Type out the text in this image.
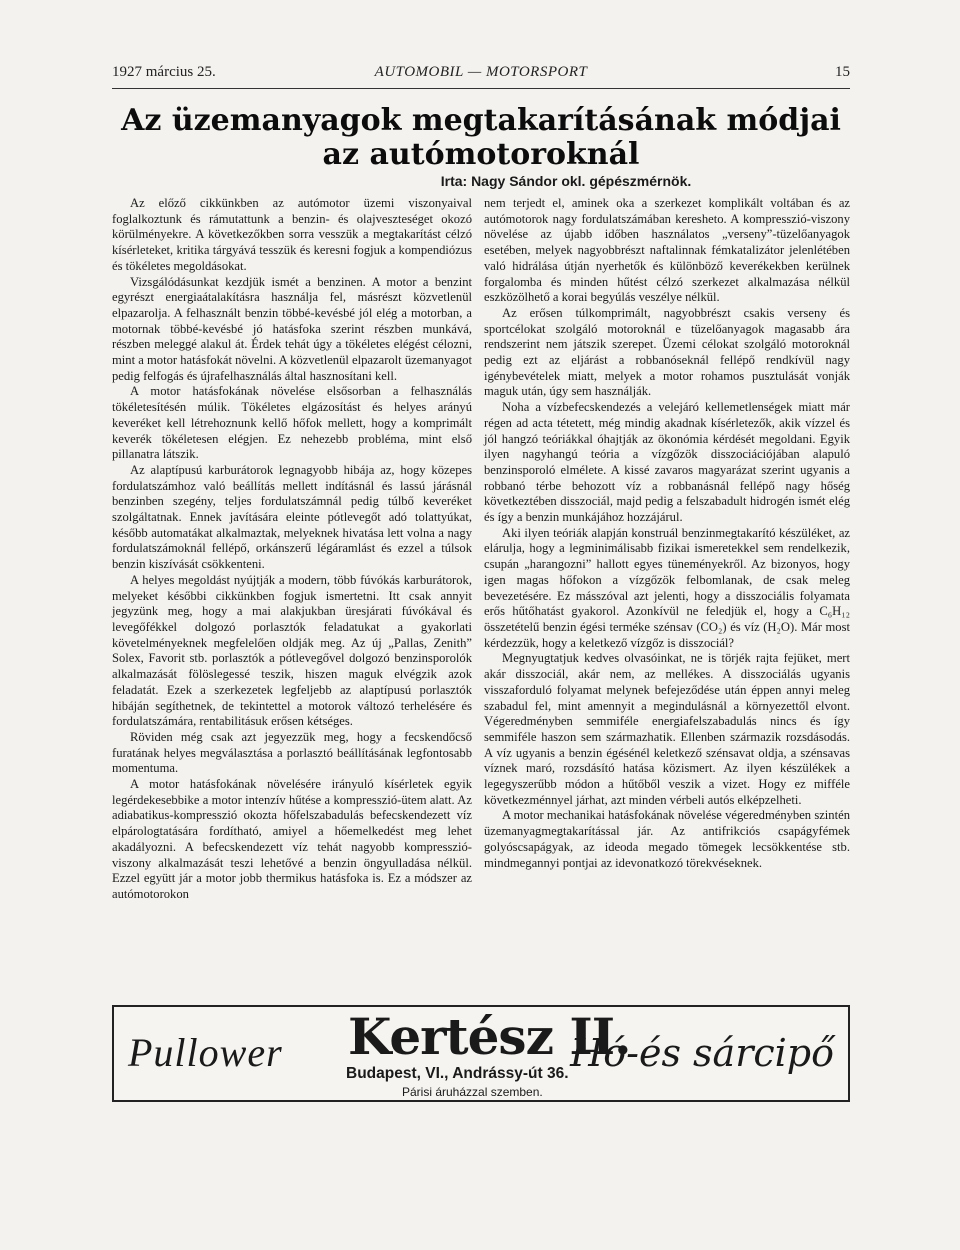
1927 március 25.	AUTOMOBIL — MOTORSPORT	15
Az üzemanyagok megtakarításának módjai
az autómotoroknál
Irta: Nagy Sándor okl. gépészmérnök.

Az előző cikkünkben az autómotor üzemi viszonyaival foglalkoztunk és rámutattunk a benzin- és olajveszteséget okozó körülményekre. A következőkben sorra vesszük a megtakarítást célzó kísérleteket, kritika tárgyává tesszük és keresni fogjuk a kompendiózus és tökéletes megoldásokat.

Vizsgálódásunkat kezdjük ismét a benzinen. A motor a benzint egyrészt energiaátalakításra használja fel, másrészt közvetlenül elpazarolja. A felhasznált benzin többé-kevésbé jól elég a motorban, a motornak többé-kevésbé jó hatásfoka szerint részben munkává, részben meleggé alakul át. Érdek tehát úgy a tökéletes elégést célozni, mint a motor hatásfokát növelni. A közvetlenül elpazarolt üzemanyagot pedig felfogás és újrafelhasználás által hasznosítani kell.

A motor hatásfokának növelése elsősorban a felhasználás tökéletesítésén múlik. Tökéletes elgázosítást és helyes arányú keveréket kell létrehoznunk kellő hőfok mellett, hogy a komprimált keverék tökéletesen elégjen. Ez nehezebb probléma, mint első pillanatra látszik.

Az alaptípusú karburátorok legnagyobb hibája az, hogy közepes fordulatszámhoz való beállítás mellett indításnál és lassú járásnál benzinben szegény, teljes fordulatszámnál pedig túlbő keveréket szolgáltatnak. Ennek javítására eleinte pótlevegőt adó tolattyúkat, később automatákat alkalmaztak, melyeknek hivatása lett volna a nagy fordulatszámoknál fellépő, orkánszerű légáramlást és ezzel a túlsok benzin kiszívását csökkenteni.

A helyes megoldást nyújtják a modern, több fúvókás karburátorok, melyeket későbbi cikkünkben fogjuk ismertetni. Itt csak annyit jegyzünk meg, hogy a mai alakjukban üresjárati fúvókával és levegőfékkel dolgozó porlasztók feladatukat a gyakorlati követelményeknek megfelelően oldják meg. Az új „Pallas, Zenith” Solex, Favorit stb. porlasztók a pótlevegővel dolgozó benzinsporolók alkalmazását fölöslegessé teszik, hiszen maguk elvégzik azok feladatát. Ezek a szerkezetek legfeljebb az alaptípusú porlasztók hibáján segíthetnek, de tekintettel a motorok változó terhelésére és fordulatszámára, rentabilitásuk erősen kétséges.

Röviden még csak azt jegyezzük meg, hogy a fecskendőcső furatának helyes megválasztása a porlasztó beállításának legfontosabb momentuma.

A motor hatásfokának növelésére irányuló kísérletek egyik legérdekesebbike a motor intenzív hűtése a kompresszió-ütem alatt. Az adiabatikus-kompresszió okozta hőfelszabadulás befecskendezett víz elpárologtatására fordítható, amiyel a hőemelkedést meg lehet akadályozni. A befecskendezett víz tehát nagyobb kompresszió-viszony alkalmazását teszi lehetővé a benzin öngyulladása nélkül. Ezzel együtt jár a motor jobb thermikus hatásfoka is. Ez a módszer az autómotorokon

nem terjedt el, aminek oka a szerkezet komplikált voltában és az autómotorok nagy fordulatszámában keresheto. A kompresszió-viszony növelése az újabb időben használatos „verseny”-tüzelőanyagok esetében, melyek nagyobbrészt naftalinnak fémkatalizátor jelenlétében való hidrálása útján nyerhetők és különböző keverékekben kerülnek forgalomba és minden hűtést célzó szerkezet alkalmazása nélkül eszközölhető a korai begyúlás veszélye nélkül.

Az erősen túlkomprimált, nagyobbrészt csakis verseny és sportcélokat szolgáló motoroknál e tüzelőanyagok magasabb ára rendszerint nem játszik szerepet. Üzemi célokat szolgáló motoroknál pedig ezt az eljárást a robbanóseknál fellépő rendkívül nagy igénybevételek miatt, melyek a motor rohamos pusztulását vonják maguk után, úgy sem használják.

Noha a vízbefecskendezés a velejáró kellemetlenségek miatt már régen ad acta tétetett, még mindig akadnak kísérletezők, akik vízzel és jól hangzó teóriákkal óhajtják az ökonómia kérdését megoldani. Egyik ilyen nagyhangú teória a vízgőzök disszociációjában alapuló benzinsporoló elmélete. A kissé zavaros magyarázat szerint ugyanis a robbanó térbe behozott víz a robbanásnál fellépő nagy hőség következtében disszociál, majd pedig a felszabadult hidrogén ismét elég és így a benzin munkájához hozzájárul.

Aki ilyen teóriák alapján konstruál benzinmegtakarító készüléket, az elárulja, hogy a legminimálisabb fizikai ismeretekkel sem rendelkezik, csupán „harangozni” hallott egyes tüneményekről. Az bizonyos, hogy igen magas hőfokon a vízgőzök felbomlanak, de csak meleg bevezetésére. Ez másszóval azt jelenti, hogy a disszociális folyamata erős hűtőhatást gyakorol. Azonkívül ne feledjük el, hogy a C₆H₁₂ összetételű benzin égési terméke szénsav (CO₂) és víz (H₂O). Már most kérdezzük, hogy a keletkező vízgőz is disszociál?

Megnyugtatjuk kedves olvasóinkat, ne is törjék rajta fejüket, mert akár disszociál, akár nem, az mellékes. A disszociálás ugyanis visszaforduló folyamat melynek befejeződése után éppen annyi meleg szabadul fel, mint amennyit a megindulásnál a környezettől elvont. Végeredményben semmiféle energiafelszabadulás nincs és így semmiféle haszon sem származhatik. Ellenben származik rozsdásodás. A víz ugyanis a benzin égésénél keletkező szénsavat oldja, a szénsavas víznek maró, rozsdásító hatása közismert. Az ilyen készülékek a legegyszerűbb módon a hűtőből veszik a vizet. Hogy ez mifféle következménnyel járhat, azt minden vérbeli autós elképzelheti.

A motor mechanikai hatásfokának növelése végeredményben szintén üzemanyagmegtakarítással jár. Az antifrikciós csapágyfémek golyóscsapágyak, az ideoda megado tömegek lecsökkentése stb. mindmegannyi pontjai az idevonatkozó törekvéseknek.

Pullower Kertész II.
Budapest, VI., Andrássy-út 36.
Párisi áruházzal szemben.
Hó-és sárcipő
